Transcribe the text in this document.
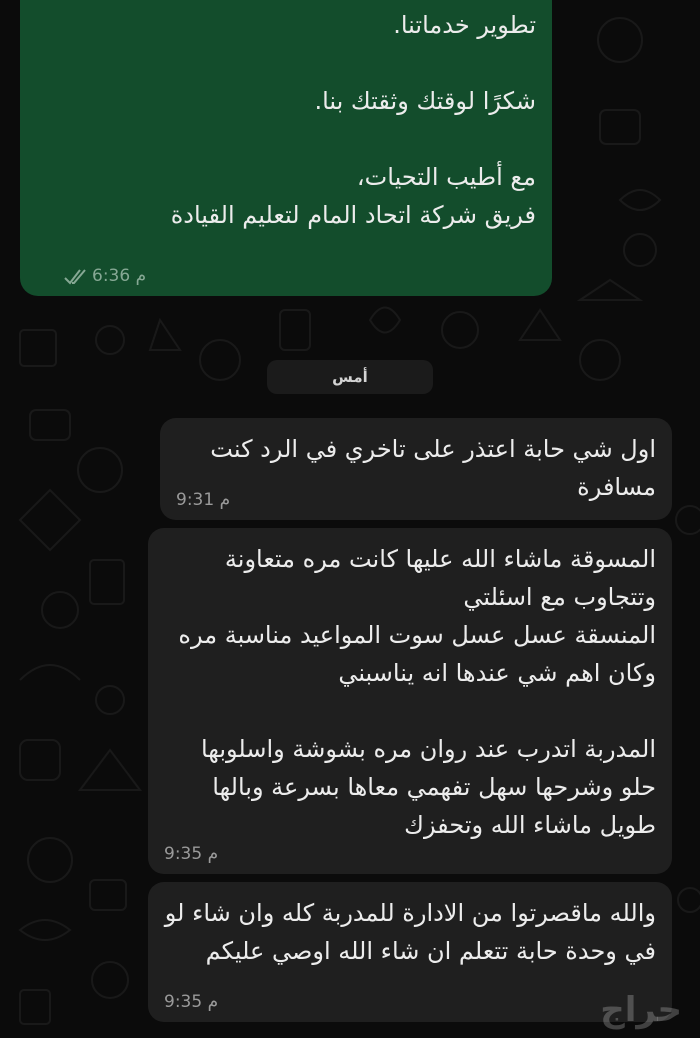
تطوير خدماتنا.

شكرًا لوقتك وثقتك بنا.

مع أطيب التحيات،
فريق شركة اتحاد المام لتعليم القيادة
6:36 م
أمس
اول شي حابة اعتذر على تاخري في الرد كنت مسافرة
9:31 م
المسوقة ماشاء الله عليها كانت مره متعاونة وتتجاوب مع اسئلتي
المنسقة عسل عسل سوت المواعيد مناسبة مره وكان اهم شي عندها انه يناسبني

المدربة اتدرب عند روان مره بشوشة واسلوبها حلو وشرحها سهل تفهمي معاها بسرعة وبالها طويل ماشاء الله وتحفزك
9:35 م
والله ماقصرتوا من الادارة للمدربة كله وان شاء لو في وحدة حابة تتعلم ان شاء الله اوصي عليكم
9:35 م	حراج
